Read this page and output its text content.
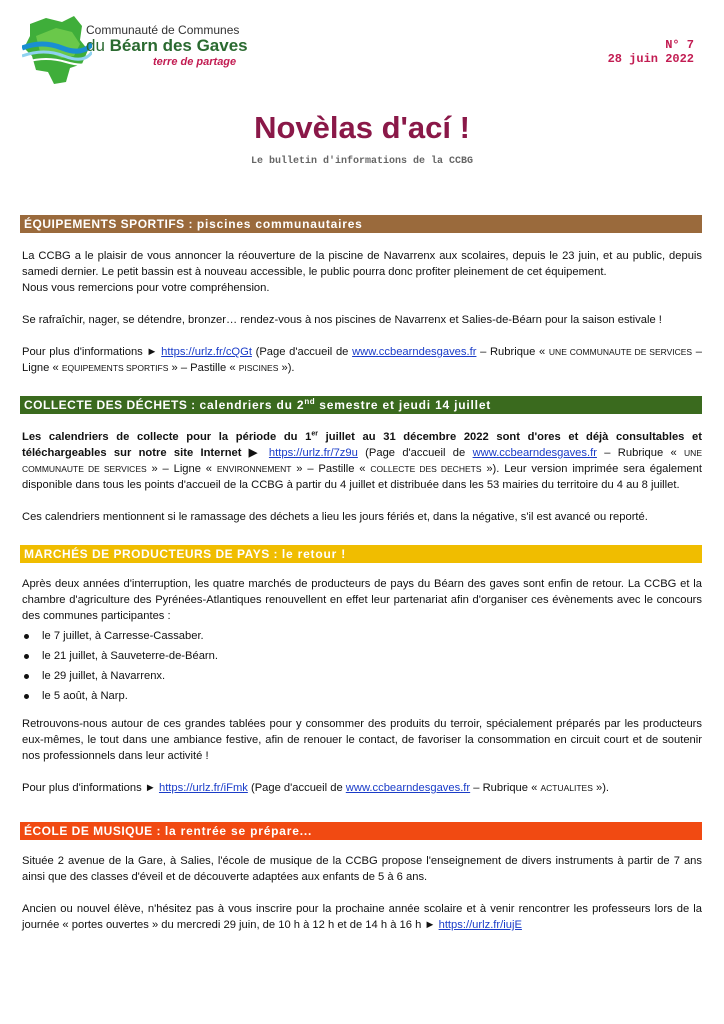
Communauté de Communes
du Béarn des Gaves
terre de partage
N° 7
28 juin 2022
Novèlas d'ací !
Le bulletin d'informations de la CCBG
ÉQUIPEMENTS SPORTIFS : piscines communautaires

La CCBG a le plaisir de vous annoncer la réouverture de la piscine de Navarrenx aux scolaires, depuis le 23 juin, et au public, depuis samedi dernier. Le petit bassin est à nouveau accessible, le public pourra donc profiter pleinement de cet équipement.

Nous vous remercions pour votre compréhension.

Se rafraîchir, nager, se détendre, bronzer… rendez-vous à nos piscines de Navarrenx et Salies-de-Béarn pour la saison estivale !

Pour plus d'informations ► https://urlz.fr/cQGt (Page d'accueil de www.ccbearndesgaves.fr – Rubrique « UNE COMMUNAUTE DE SERVICES – Ligne « EQUIPEMENTS SPORTIFS » – Pastille « PISCINES »).

COLLECTE DES DÉCHETS : calendriers du 2nd semestre et jeudi 14 juillet

Les calendriers de collecte pour la période du 1er juillet au 31 décembre 2022 sont d'ores et déjà consultables et téléchargeables sur notre site Internet ▶ https://urlz.fr/7z9u (Page d'accueil de www.ccbearndesgaves.fr – Rubrique « UNE COMMUNAUTE DE SERVICES » – Ligne « ENVIRONNEMENT » – Pastille « COLLECTE DES DECHETS »). Leur version imprimée sera également disponible dans tous les points d'accueil de la CCBG à partir du 4 juillet et distribuée dans les 53 mairies du territoire du 4 au 8 juillet.

Ces calendriers mentionnent si le ramassage des déchets a lieu les jours fériés et, dans la négative, s'il est avancé ou reporté.

MARCHÉS DE PRODUCTEURS DE PAYS : le retour !

Après deux années d'interruption, les quatre marchés de producteurs de pays du Béarn des gaves sont enfin de retour. La CCBG et la chambre d'agriculture des Pyrénées-Atlantiques renouvellent en effet leur partenariat afin d'organiser ces évènements avec le concours des communes participantes :

le 7 juillet, à Carresse-Cassaber.
le 21 juillet, à Sauveterre-de-Béarn.
le 29 juillet, à Navarrenx.
le 5 août, à Narp.

Retrouvons-nous autour de ces grandes tablées pour y consommer des produits du terroir, spécialement préparés par les producteurs eux-mêmes, le tout dans une ambiance festive, afin de renouer le contact, de favoriser la consommation en circuit court et de soutenir nos professionnels dans leur activité !

Pour plus d'informations ► https://urlz.fr/iFmk (Page d'accueil de www.ccbearndesgaves.fr – Rubrique « ACTUALITES »).

ÉCOLE DE MUSIQUE : la rentrée se prépare...

Située 2 avenue de la Gare, à Salies, l'école de musique de la CCBG propose l'enseignement de divers instruments à partir de 7 ans ainsi que des classes d'éveil et de découverte adaptées aux enfants de 5 à 6 ans.

Ancien ou nouvel élève, n'hésitez pas à vous inscrire pour la prochaine année scolaire et à venir rencontrer les professeurs lors de la journée « portes ouvertes » du mercredi 29 juin, de 10 h à 12 h et de 14 h à 16 h ► https://urlz.fr/iujE
